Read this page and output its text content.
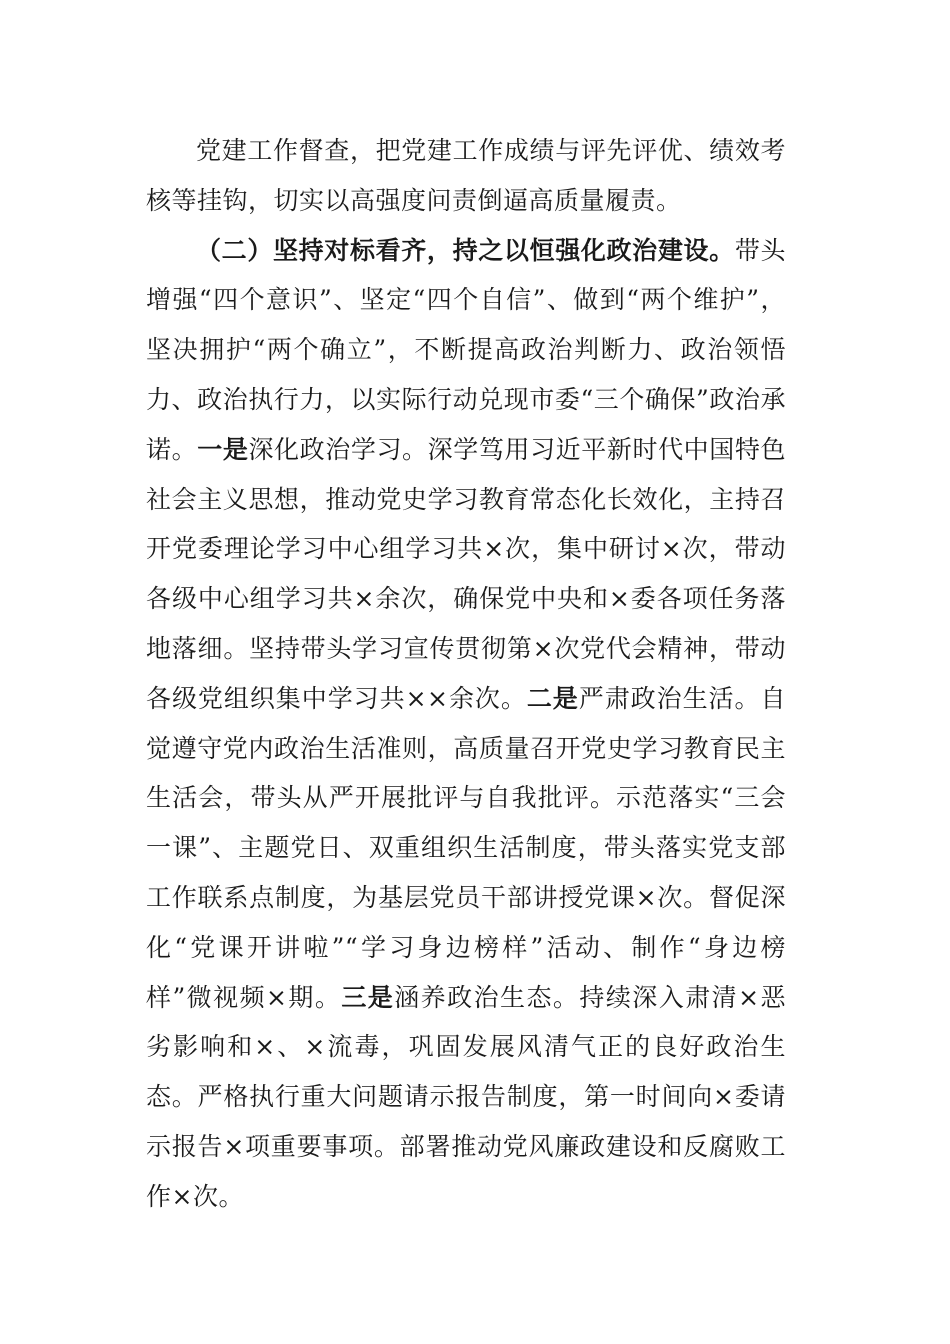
党建工作督查，把党建工作成绩与评先评优、绩效考核等挂钩，切实以高强度问责倒逼高质量履责。

（二）坚持对标看齐，持之以恒强化政治建设。带头增强“四个意识”、坚定“四个自信”、做到“两个维护”，坚决拥护“两个确立”，不断提高政治判断力、政治领悟力、政治执行力，以实际行动兑现市委“三个确保”政治承诺。一是深化政治学习。深学笃用习近平新时代中国特色社会主义思想，推动党史学习教育常态化长效化，主持召开党委理论学习中心组学习共×次，集中研讨×次，带动各级中心组学习共×余次，确保党中央和×委各项任务落地落细。坚持带头学习宣传贯彻第×次党代会精神，带动各级党组织集中学习共××余次。二是严肃政治生活。自觉遵守党内政治生活准则，高质量召开党史学习教育民主生活会，带头从严开展批评与自我批评。示范落实“三会一课”、主题党日、双重组织生活制度，带头落实党支部工作联系点制度，为基层党员干部讲授党课×次。督促深化“党课开讲啦”“学习身边榜样”活动、制作“身边榜样”微视频×期。三是涵养政治生态。持续深入肃清×恶劣影响和×、×流毒，巩固发展风清气正的良好政治生态。严格执行重大问题请示报告制度，第一时间向×委请示报告×项重要事项。部署推动党风廉政建设和反腐败工作×次。
